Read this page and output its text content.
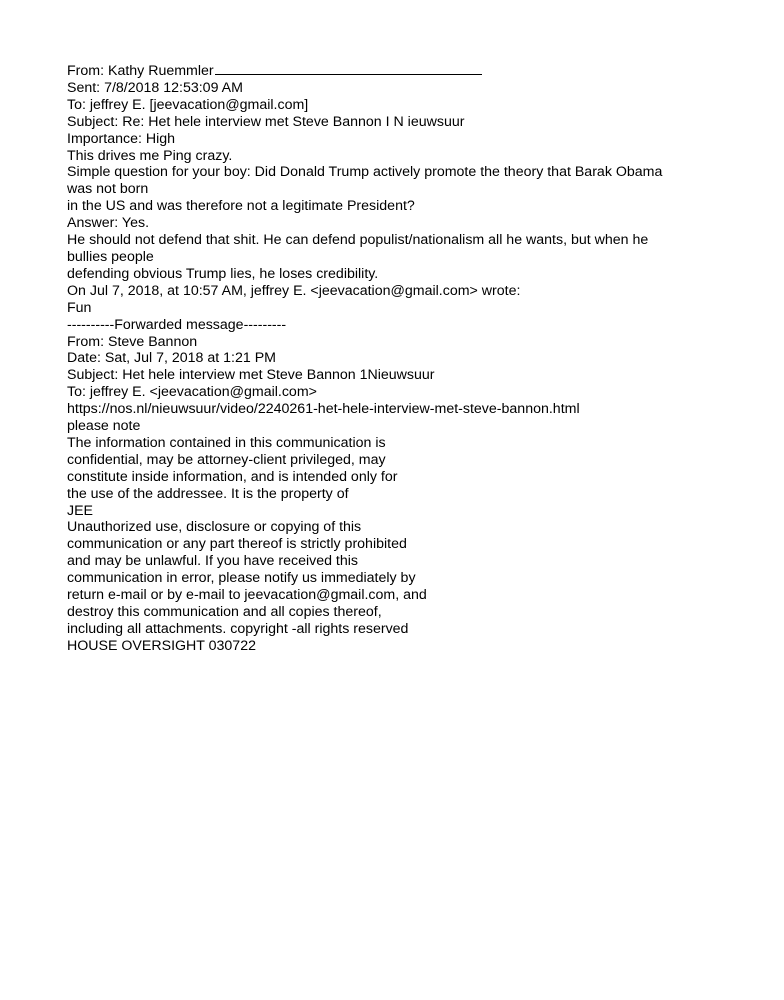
From: Kathy Ruemmler
Sent: 7/8/2018 12:53:09 AM
To: jeffrey E. [jeevacation@gmail.com]
Subject: Re: Het hele interview met Steve Bannon I N ieuwsuur
Importance: High
This drives me Ping crazy.
Simple question for your boy: Did Donald Trump actively promote the theory that Barak Obama
was not born
in the US and was therefore not a legitimate President?
Answer: Yes.
He should not defend that shit. He can defend populist/nationalism all he wants, but when he
bullies people
defending obvious Trump lies, he loses credibility.
On Jul 7, 2018, at 10:57 AM, jeffrey E. <jeevacation@gmail.com> wrote:
Fun
----------Forwarded message---------
From: Steve Bannon
Date: Sat, Jul 7, 2018 at 1:21 PM
Subject: Het hele interview met Steve Bannon 1Nieuwsuur
To: jeffrey E. <jeevacation@gmail.com>
https://nos.nl/nieuwsuur/video/2240261-het-hele-interview-met-steve-bannon.html
please note
The information contained in this communication is
confidential, may be attorney-client privileged, may
constitute inside information, and is intended only for
the use of the addressee. It is the property of
JEE
Unauthorized use, disclosure or copying of this
communication or any part thereof is strictly prohibited
and may be unlawful. If you have received this
communication in error, please notify us immediately by
return e-mail or by e-mail to jeevacation@gmail.com, and
destroy this communication and all copies thereof,
including all attachments. copyright -all rights reserved
HOUSE OVERSIGHT 030722
